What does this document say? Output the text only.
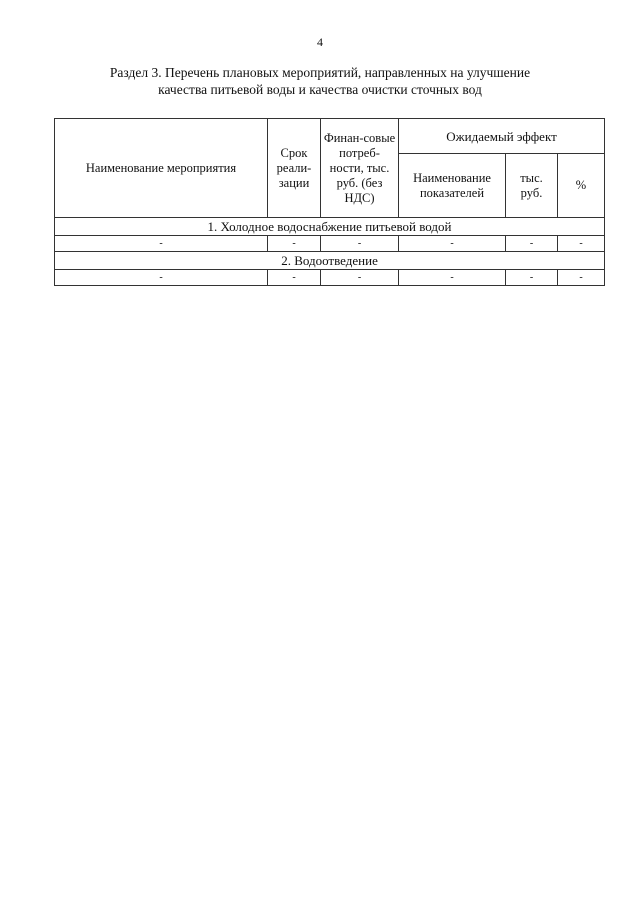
4
Раздел 3. Перечень плановых мероприятий, направленных на улучшение
качества питьевой воды и качества очистки сточных вод
Наименование мероприятия	Срок реали-зации	Финан-совые потреб-ности, тыс. руб. (без НДС)	Ожидаемый эффект		
			Наименование показателей	тыс. руб.	%
1. Холодное водоснабжение питьевой водой					
-	-	-	-	-	-
2. Водоотведение					
-	-	-	-	-	-
